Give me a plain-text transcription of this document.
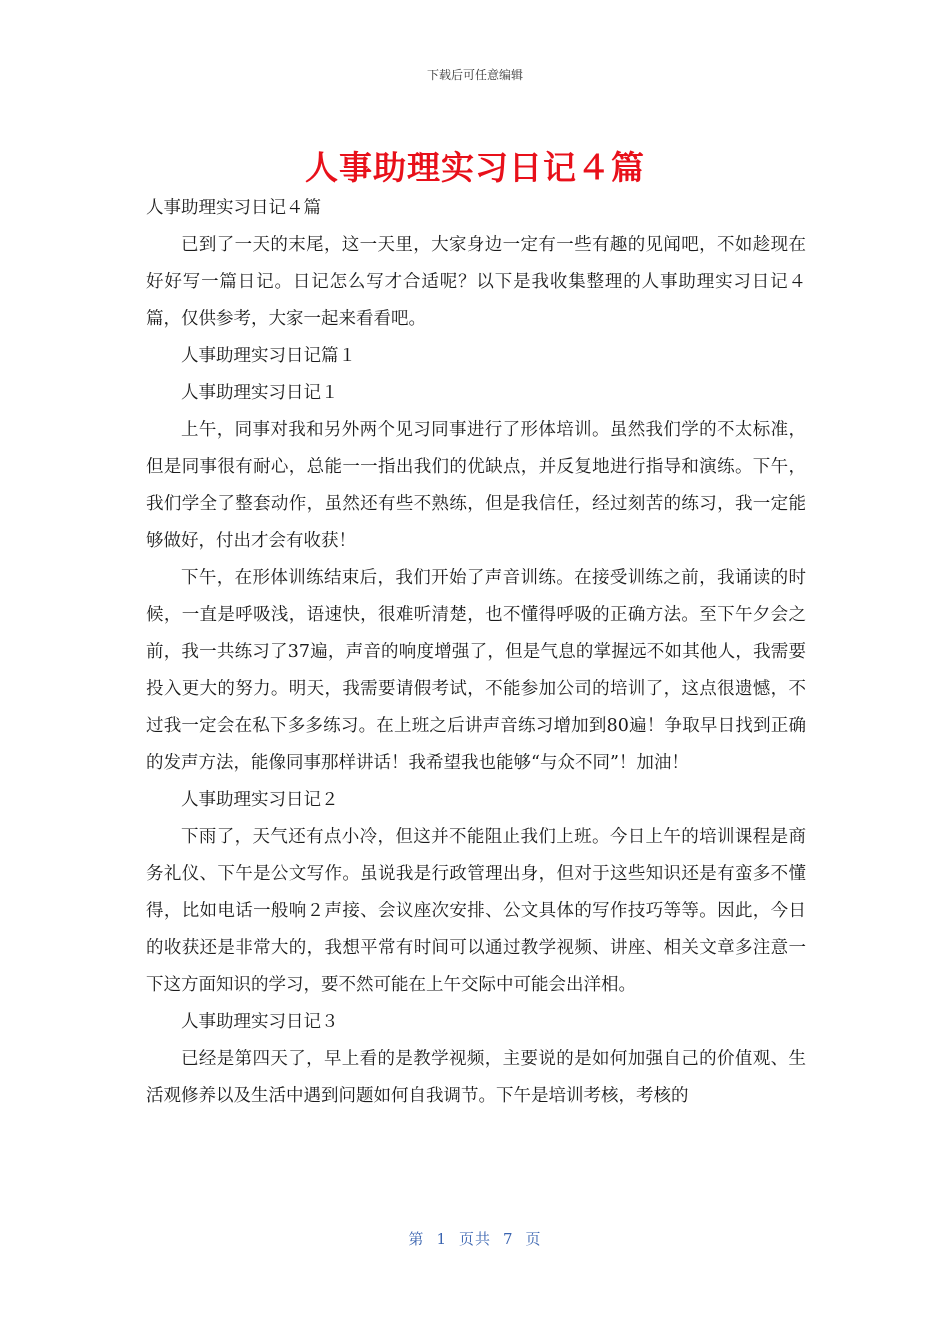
下载后可任意编辑
人事助理实习日记４篇
人事助理实习日记４篇

已到了一天的末尾，这一天里，大家身边一定有一些有趣的见闻吧，不如趁现在好好写一篇日记。日记怎么写才合适呢？以下是我收集整理的人事助理实习日记４篇，仅供参考，大家一起来看看吧。

人事助理实习日记篇１
人事助理实习日记１

上午，同事对我和另外两个见习同事进行了形体培训。虽然我们学的不太标准，但是同事很有耐心，总能一一指出我们的优缺点，并反复地进行指导和演练。下午，我们学全了整套动作，虽然还有些不熟练，但是我信任，经过刻苦的练习，我一定能够做好，付出才会有收获！

下午，在形体训练结束后，我们开始了声音训练。在接受训练之前，我诵读的时候，一直是呼吸浅，语速快，很难听清楚，也不懂得呼吸的正确方法。至下午夕会之前，我一共练习了37遍，声音的响度增强了，但是气息的掌握远不如其他人，我需要投入更大的努力。明天，我需要请假考试，不能参加公司的培训了，这点很遗憾，不过我一定会在私下多多练习。在上班之后讲声音练习增加到80遍！争取早日找到正确的发声方法，能像同事那样讲话！我希望我也能够“与众不同”！加油！

人事助理实习日记２

下雨了，天气还有点小冷，但这并不能阻止我们上班。今日上午的培训课程是商务礼仪、下午是公文写作。虽说我是行政管理出身，但对于这些知识还是有蛮多不懂得，比如电话一般响２声接、会议座次安排、公文具体的写作技巧等等。因此，今日的收获还是非常大的，我想平常有时间可以通过教学视频、讲座、相关文章多注意一下这方面知识的学习，要不然可能在上午交际中可能会出洋相。

人事助理实习日记３

已经是第四天了，早上看的是教学视频，主要说的是如何加强自己的价值观、生活观修养以及生活中遇到问题如何自我调节。下午是培训考核，考核的

第 1 页共 7 页
